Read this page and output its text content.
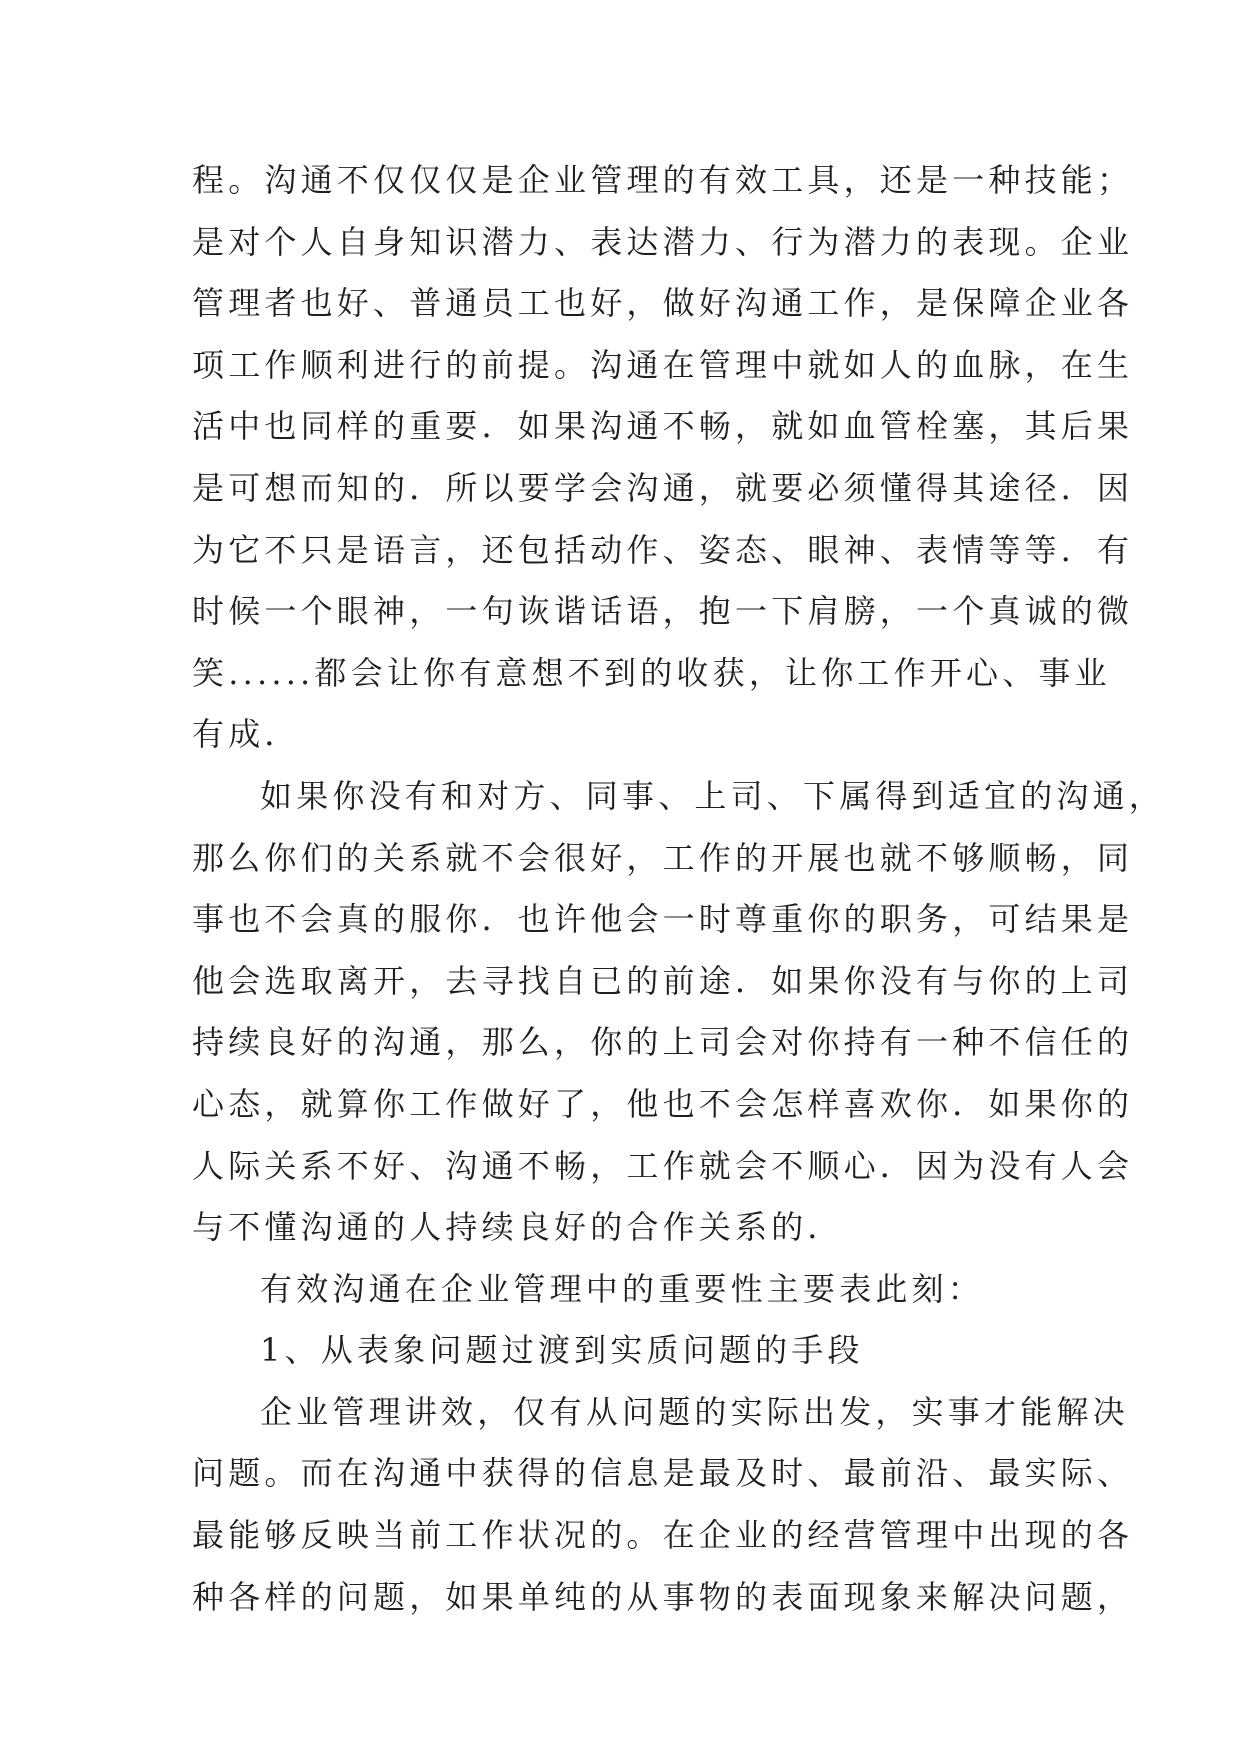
程。沟通不仅仅仅是企业管理的有效工具，还是一种技能；
是对个人自身知识潜力、表达潜力、行为潜力的表现。企业
管理者也好、普通员工也好，做好沟通工作，是保障企业各
项工作顺利进行的前提。沟通在管理中就如人的血脉，在生
活中也同样的重要．如果沟通不畅，就如血管栓塞，其后果
是可想而知的．所以要学会沟通，就要必须懂得其途径．因
为它不只是语言，还包括动作、姿态、眼神、表情等等．有
时候一个眼神，一句诙谐话语，抱一下肩膀，一个真诚的微
笑......都会让你有意想不到的收获，让你工作开心、事业
有成．
如果你没有和对方、同事、上司、下属得到适宜的沟通，
那么你们的关系就不会很好，工作的开展也就不够顺畅，同
事也不会真的服你．也许他会一时尊重你的职务，可结果是
他会选取离开，去寻找自已的前途．如果你没有与你的上司
持续良好的沟通，那么，你的上司会对你持有一种不信任的
心态，就算你工作做好了，他也不会怎样喜欢你．如果你的
人际关系不好、沟通不畅，工作就会不顺心．因为没有人会
与不懂沟通的人持续良好的合作关系的．
有效沟通在企业管理中的重要性主要表此刻：
1、从表象问题过渡到实质问题的手段
企业管理讲效，仅有从问题的实际出发，实事才能解决
问题。而在沟通中获得的信息是最及时、最前沿、最实际、
最能够反映当前工作状况的。在企业的经营管理中出现的各
种各样的问题，如果单纯的从事物的表面现象来解决问题，
